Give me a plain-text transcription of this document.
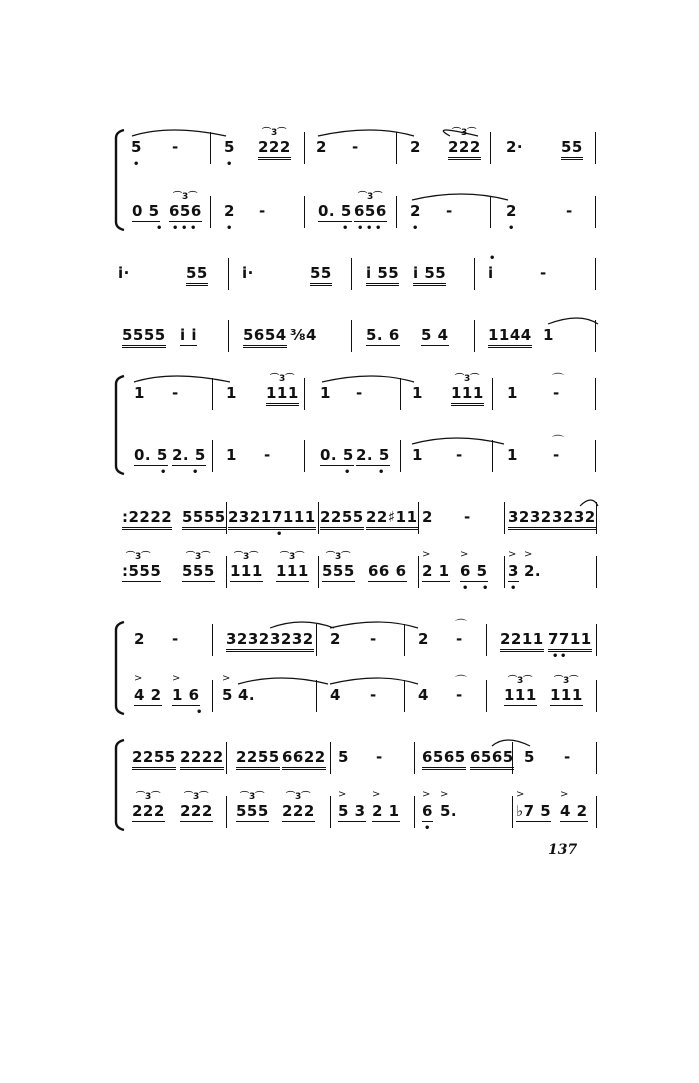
5
•
-	5
•
222
⌒3⌒
2 -	2 222
⌒3⌒
2·	55
0 5
•
656
⌒3⌒
• • •
2
•
-	0. 5
•
656
⌒3⌒
• • •
2
•
-	2
•
-
i·	55 i·	55 i 55 i 55	i
•
-
5555 i i	5654 ⅜4	5. 6 5 4	1144 1
1 -	1 111
⌒3⌒
1 -	1 111
⌒3⌒
1 -
⌒
0. 5
•
2. 5
•
1 -	0. 5
•
2. 5
•
1 -	1 -
⌒
:2222 5555 2321 7111
•
2255 22♯11 2 - 3232 3232
:555
⌒3⌒
555
⌒3⌒
111
⌒3⌒
111
⌒3⌒
555
⌒3⌒
66 6 2 1
>
6 5
>
• •
3
>
•
2.
>
2 -	3232 3232 2 -	2 -
⌒
2211 7711
• •
4 2
>
1 6
>
•
5
>
4.	4 -	4 -
⌒
111
⌒3⌒
111
⌒3⌒
2255 2222 2255 6622 5 -	6565 6565 5 -
222
⌒3⌒
222
⌒3⌒
555
⌒3⌒
222
⌒3⌒
5 3
>
2 1
>
6
>
•
5.
>
♭7 5
>
4 2
>
137
